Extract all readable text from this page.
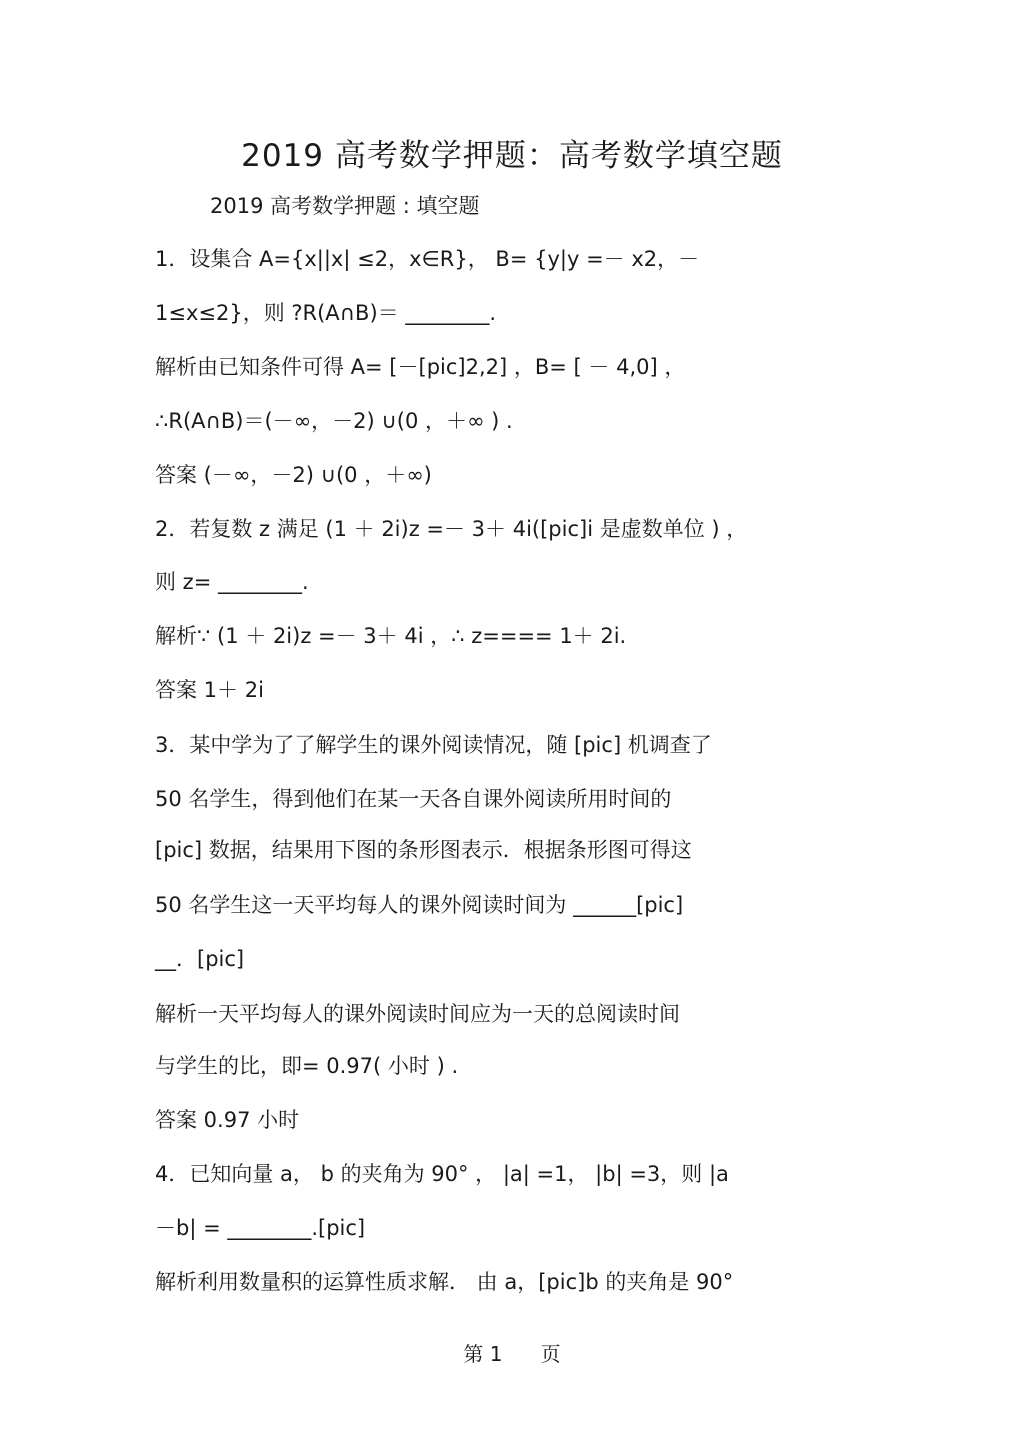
2019 高考数学押题：高考数学填空题
2019 高考数学押题 : 填空题
1．设集合 A={x||x| ≤2，x∈R}， B= {y|y =－ x2，－
1≤x≤2}，则 ?R(A∩B)＝ ________.
解析由已知条件可得 A= [－[pic]2,2] ，B= [ － 4,0] ，
∴R(A∩B)＝(－∞，－2) ∪(0 ，＋∞ ) .
答案 (－∞，－2) ∪(0 ，＋∞)
2．若复数 z 满足 (1 ＋ 2i)z =－ 3＋ 4i([pic]i 是虚数单位 ) ，
则 z= ________.
解析∵ (1 ＋ 2i)z =－ 3＋ 4i ，∴ z==== 1＋ 2i.
答案 1＋ 2i
3．某中学为了了解学生的课外阅读情况，随 [pic] 机调查了
50 名学生，得到他们在某一天各自课外阅读所用时间的
[pic] 数据，结果用下图的条形图表示．根据条形图可得这
50 名学生这一天平均每人的课外阅读时间为 ______[pic]
__．[pic]
解析一天平均每人的课外阅读时间应为一天的总阅读时间
与学生的比，即= 0.97( 小时 ) .
答案 0.97 小时
4．已知向量 a， b 的夹角为 90° ， |a| =1， |b| =3，则 |a
－b| = ________.[pic]
解析利用数量积的运算性质求解． 由 a，[pic]b 的夹角是 90°
第 1      页
